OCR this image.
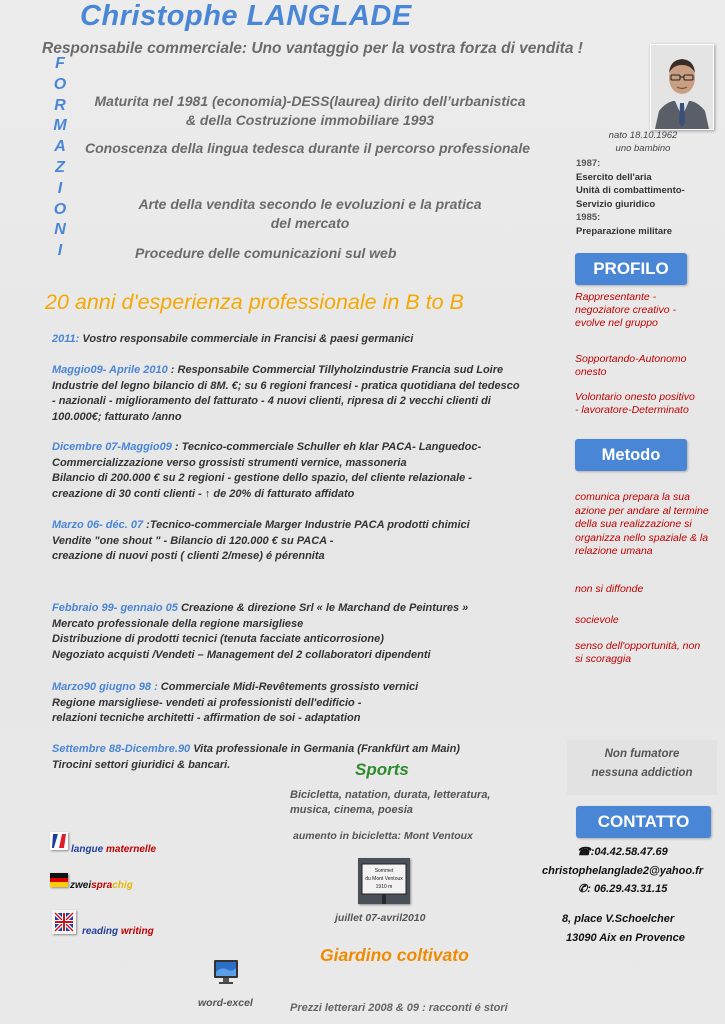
Christophe LANGLADE
Responsabile commerciale: Uno vantaggio per la vostra forza di vendita !
F
O
R
M
A
Z
I
O
N
I
Maturita nel 1981 (economia)-DESS(laurea) dirito dell’urbanistica
& della Costruzione immobiliare 1993
Conoscenza della lingua tedesca durante il percorso professionale
Arte della vendita secondo le evoluzioni e la pratica
del mercato
Procedure delle comunicazioni sul web
20 anni d'esperienza professionale in B to B
2011: Vostro responsabile commerciale in Francisi & paesi germanici
Maggio09- Aprile 2010 : Responsabile Commercial Tillyholzindustrie Francia sud Loire
Industrie del legno bilancio di 8M. €; su 6 regioni francesi - pratica quotidiana del tedesco
- nazionali - miglioramento del fatturato - 4 nuovi clienti, ripresa di 2 vecchi clienti di
100.000€; fatturato /anno
Dicembre 07-Maggio09 : Tecnico-commerciale Schuller eh klar PACA- Languedoc-
Commercializzazione verso grossisti strumenti vernice, massoneria
Bilancio di 200.000 € su 2 regioni - gestione dello spazio, del cliente relazionale -
creazione di 30 conti clienti - ↑ de 20% di fatturato affidato
Marzo 06- déc. 07 :Tecnico-commerciale Marger Industrie PACA prodotti chimici
Vendite "one shout " - Bilancio di 120.000 € su PACA -
creazione di nuovi posti ( clienti 2/mese) é pérennita
Febbraio 99- gennaio 05 Creazione & direzione Srl « le Marchand de Peintures »
Mercato professionale della regione marsigliese
Distribuzione di prodotti tecnici (tenuta facciate anticorrosione)
Negoziato acquisti /Vendeti – Management del 2 collaboratori dipendenti
Marzo90 giugno 98 : Commerciale Midi-Revêtements grossisto vernici
Regione marsigliese- vendeti ai professionisti dell'edificio -
relazioni tecniche architetti - affirmation de soi - adaptation
Settembre 88-Dicembre.90 Vita professionale in Germania (Frankfürt am Main)
Tirocini settori giuridici & bancari.
nato 18.10.1962
uno bambino
1987:
Esercito dell'aria
Unità di combattimento-
Servizio giuridico
1985:
Preparazione militare
PROFILO
Rappresentante - negoziatore creativo - evolve nel gruppo
Sopportando-Autonomo onesto
Volontario onesto positivo - lavoratore-Determinato
Metodo
comunica prepara la sua azione per andare al termine della sua realizzazione si organizza nello spaziale & la relazione umana
non si diffonde
socievole
senso dell'opportunità, non si scoraggia
Non fumatore
nessuna addiction
CONTATTO
☎:04.42.58.47.69
christophelanglade2@yahoo.fr
✆: 06.29.43.31.15
8, place V.Schoelcher
13090 Aix en Provence
Sports
Bicicletta, natation, durata, letteratura, musica, cinema, poesia
aumento in bicicletta: Mont Ventoux
Sommet
du Mont Ventoux
1910 m
juillet 07-avril2010
Giardino coltivato
Prezzi letterari 2008 & 09 : racconti é stori
langue maternelle
zweisprachig
reading writing
word-excel
